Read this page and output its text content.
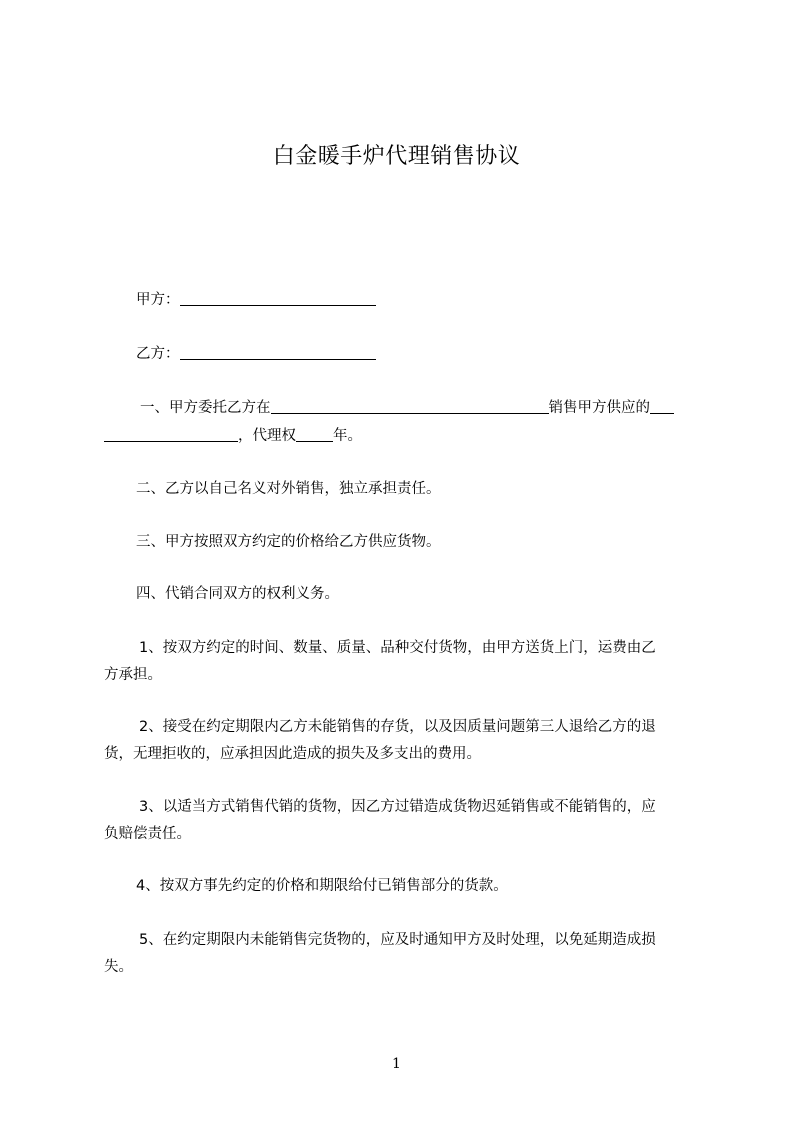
白金暖手炉代理销售协议
甲方：
乙方：
一、甲方委托乙方在	销售甲方供应的
，代理权	年。
二、乙方以自己名义对外销售，独立承担责任。
三、甲方按照双方约定的价格给乙方供应货物。
四、代销合同双方的权利义务。
1、按双方约定的时间、数量、质量、品种交付货物，由甲方送货上门，运费由乙
方承担。
2、接受在约定期限内乙方未能销售的存货，以及因质量问题第三人退给乙方的退
货，无理拒收的，应承担因此造成的损失及多支出的费用。
3、以适当方式销售代销的货物，因乙方过错造成货物迟延销售或不能销售的，应
负赔偿责任。
4、按双方事先约定的价格和期限给付已销售部分的货款。
5、在约定期限内未能销售完货物的，应及时通知甲方及时处理，以免延期造成损
失。
1
